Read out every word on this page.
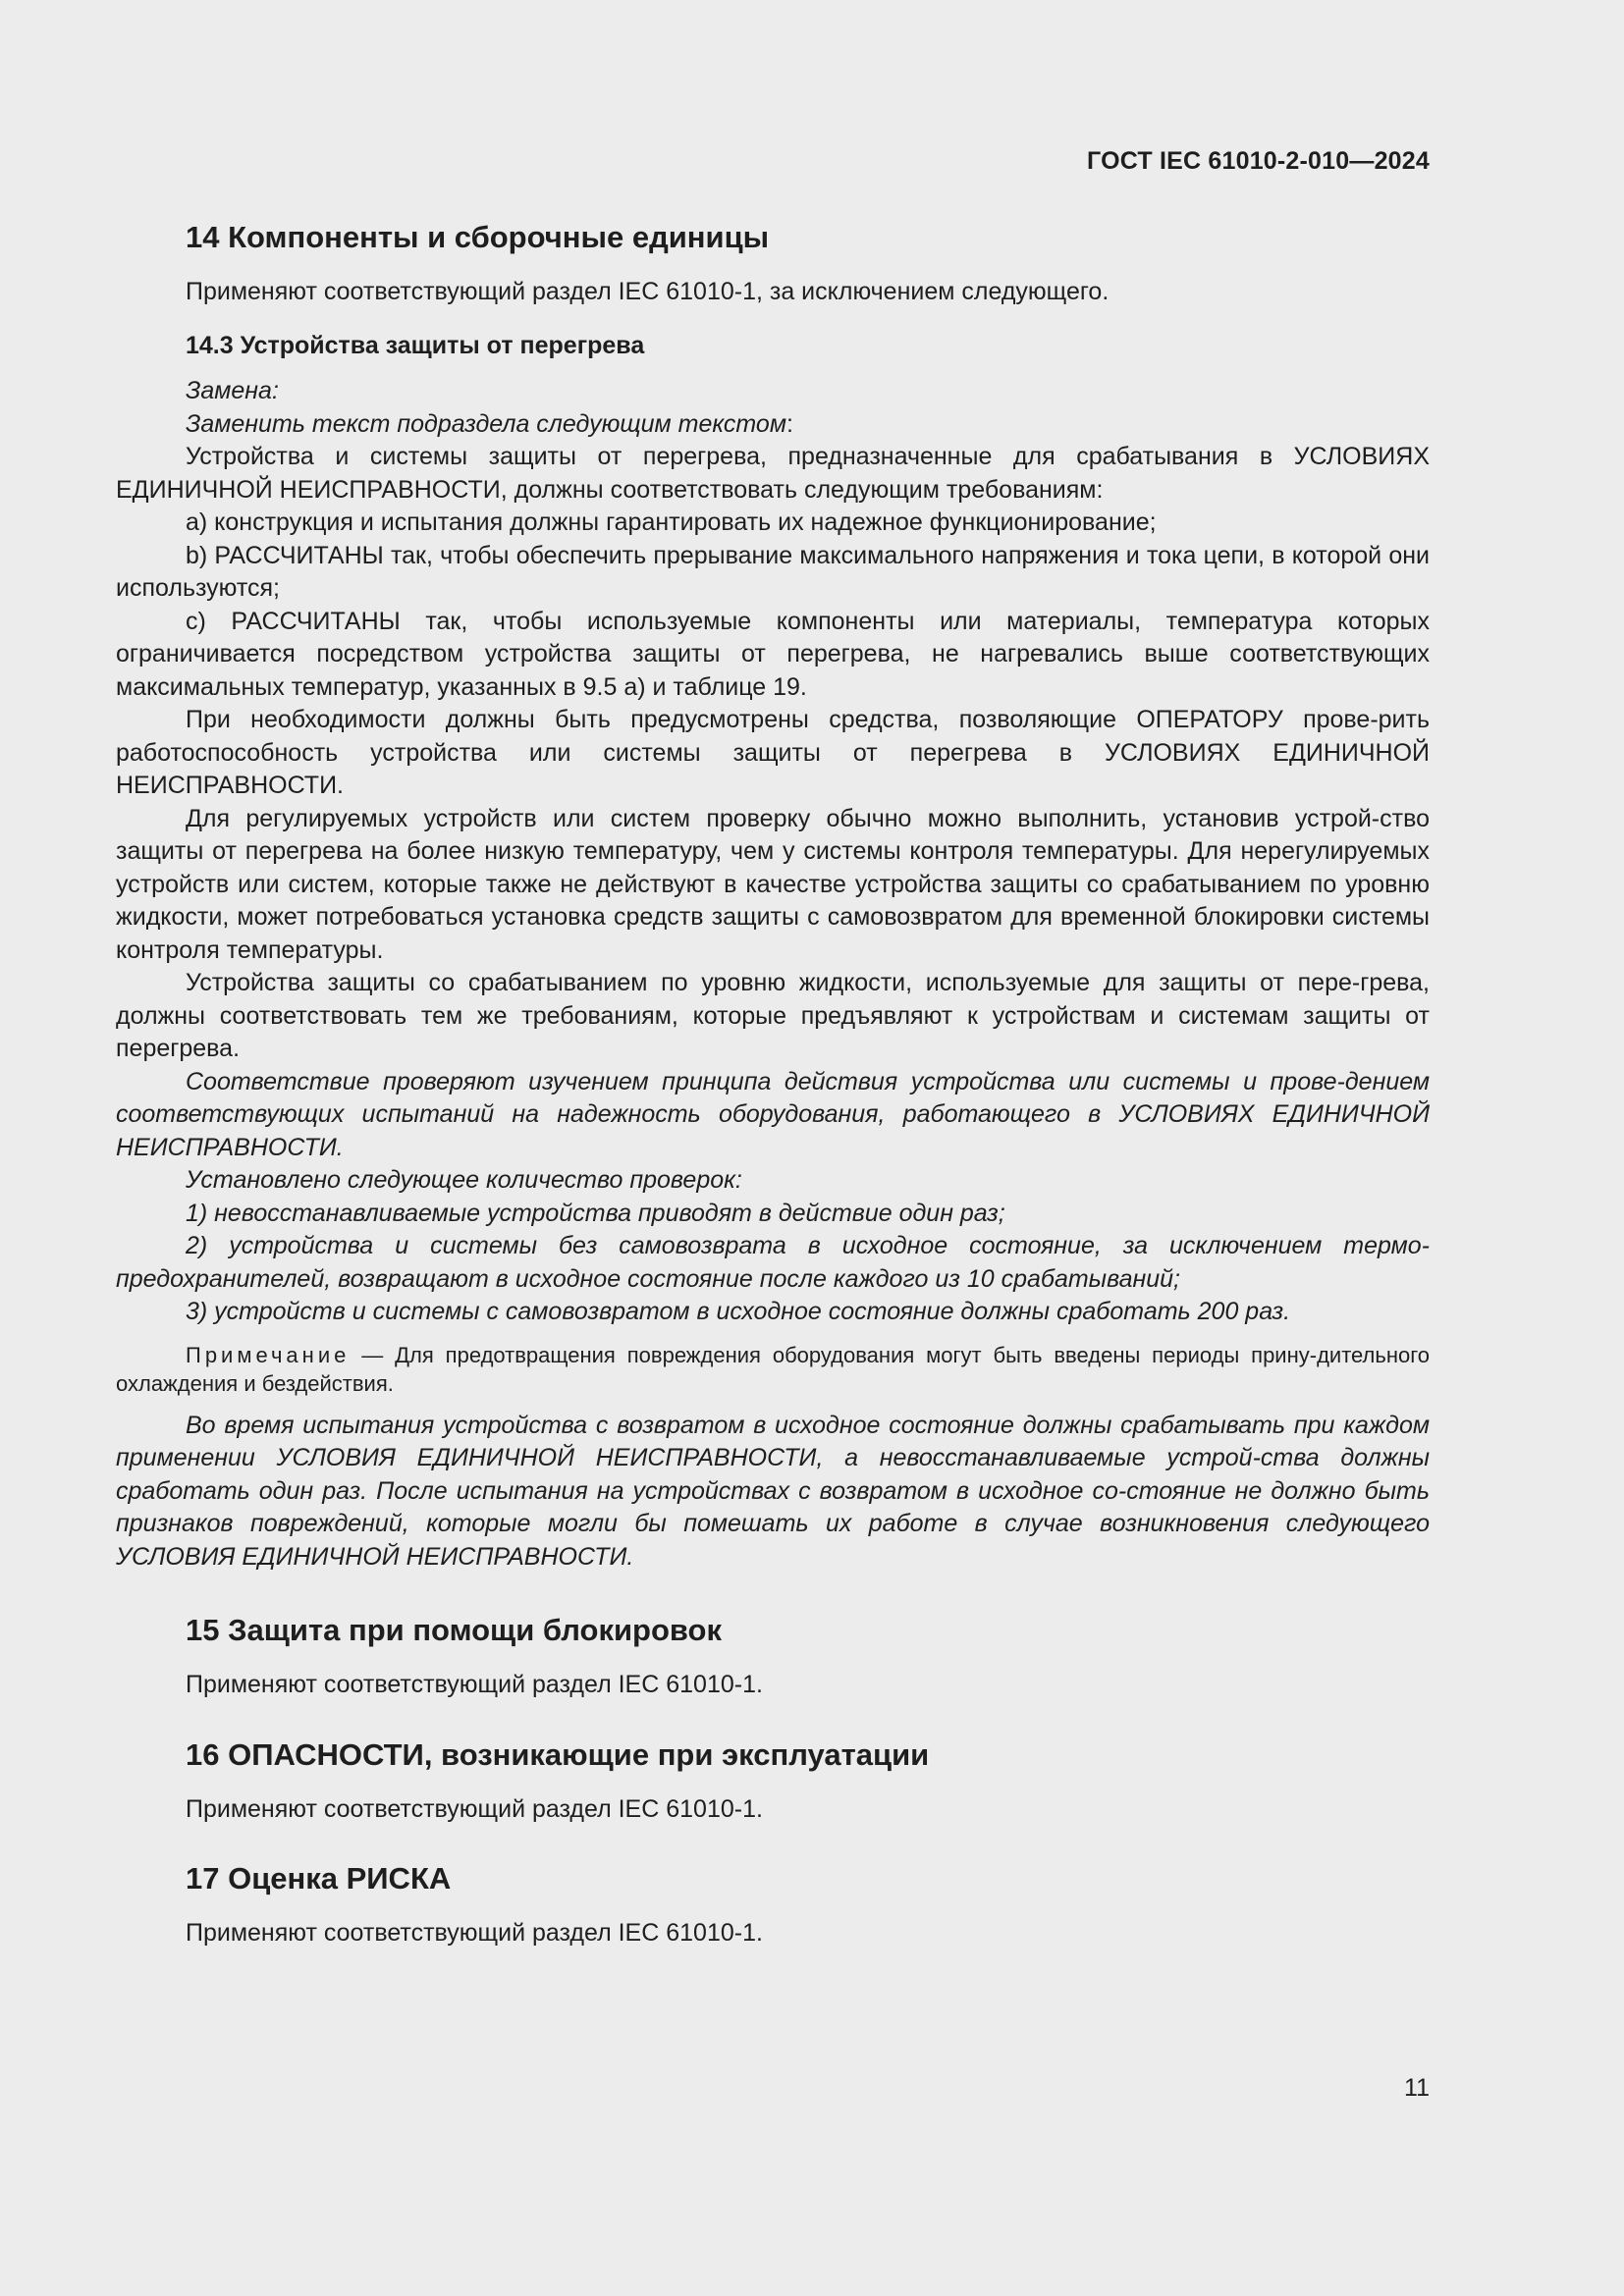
ГОСТ IEC 61010-2-010—2024
14 Компоненты и сборочные единицы

Применяют соответствующий раздел IEC 61010-1, за исключением следующего.

14.3 Устройства защиты от перегрева

Замена:

Заменить текст подраздела следующим текстом:

Устройства и системы защиты от перегрева, предназначенные для срабатывания в УСЛОВИЯХ ЕДИНИЧНОЙ НЕИСПРАВНОСТИ, должны соответствовать следующим требованиям:

a) конструкция и испытания должны гарантировать их надежное функционирование;

b) РАССЧИТАНЫ так, чтобы обеспечить прерывание максимального напряжения и тока цепи, в которой они используются;

c) РАССЧИТАНЫ так, чтобы используемые компоненты или материалы, температура которых ограничивается посредством устройства защиты от перегрева, не нагревались выше соответствующих максимальных температур, указанных в 9.5 a) и таблице 19.

При необходимости должны быть предусмотрены средства, позволяющие ОПЕРАТОРУ прове-рить работоспособность устройства или системы защиты от перегрева в УСЛОВИЯХ ЕДИНИЧНОЙ НЕИСПРАВНОСТИ.

Для регулируемых устройств или систем проверку обычно можно выполнить, установив устрой-ство защиты от перегрева на более низкую температуру, чем у системы контроля температуры. Для нерегулируемых устройств или систем, которые также не действуют в качестве устройства защиты со срабатыванием по уровню жидкости, может потребоваться установка средств защиты с самовозвратом для временной блокировки системы контроля температуры.

Устройства защиты со срабатыванием по уровню жидкости, используемые для защиты от пере-грева, должны соответствовать тем же требованиям, которые предъявляют к устройствам и системам защиты от перегрева.

Соответствие проверяют изучением принципа действия устройства или системы и прове-дением соответствующих испытаний на надежность оборудования, работающего в УСЛОВИЯХ ЕДИНИЧНОЙ НЕИСПРАВНОСТИ.

Установлено следующее количество проверок:

1) невосстанавливаемые устройства приводят в действие один раз;

2) устройства и системы без самовозврата в исходное состояние, за исключением термо-предохранителей, возвращают в исходное состояние после каждого из 10 срабатываний;

3) устройств и системы с самовозвратом в исходное состояние должны сработать 200 раз.

Примечание — Для предотвращения повреждения оборудования могут быть введены периоды прину-дительного охлаждения и бездействия.

Во время испытания устройства с возвратом в исходное состояние должны срабатывать при каждом применении УСЛОВИЯ ЕДИНИЧНОЙ НЕИСПРАВНОСТИ, а невосстанавливаемые устрой-ства должны сработать один раз. После испытания на устройствах с возвратом в исходное со-стояние не должно быть признаков повреждений, которые могли бы помешать их работе в случае возникновения следующего УСЛОВИЯ ЕДИНИЧНОЙ НЕИСПРАВНОСТИ.

15 Защита при помощи блокировок

Применяют соответствующий раздел IEC 61010-1.

16 ОПАСНОСТИ, возникающие при эксплуатации

Применяют соответствующий раздел IEC 61010-1.

17 Оценка РИСКА

Применяют соответствующий раздел IEC 61010-1.

11
